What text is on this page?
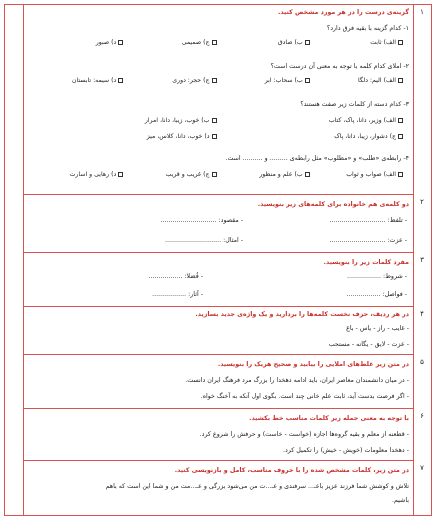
۱
گزینه‌ی درست را در هر مورد مشخص کنید.
۱- کدام گزینه با بقیه فرق دارد؟
الف) ثابت
ب) صادق
ج) صمیمی
د) صبور
۲- املای کدام کلمه با توجه به معنی آن درست است؟
الف) الیم: دلگا
ب) سحاب: ابر
ج) حجر: دوری
د) سیمه: تابستان
۳- کدام دسته از کلمات زیر صفت هستند؟
الف) وزیر، دانا، پاک، کتاب
ب) خوب، زیبا، دانا، امرار
ج) دشوار، زیبا، دانا، پاک
د) خوب، دانا، کلاس، میز
۴- رابطه‌ی «طلب» و «مطلوب» مثل رابطه‌ی ......... و .......... است.
الف) صواب و ثواب
ب) علم و منظور
ج) غریب و قریب
د) رهایی و اسارت
۲
دو کلمه‌ی هم خانواده برای کلمه‌های زیر بنویسید.
- تلفظ: ............................
- مقصود: ............................
- عزت: ............................
- امثال: ............................
۳
مفرد کلمات زیر را بنویسید.
- شروط: .................
- فُضلا: .................
- فواصل: .................
- آثار: .................
۴
در هر ردیف، حرف نخست کلمه‌ها را بردارید و یک واژه‌ی جدید بسازید.
- غایب - راز - یاس - باغ
- عزت - لایق - یگانه - مستحب
۵
در متن زیر غلط‌های املایی را بیابید و صحیح هریک را بنویسید.
- در میان دانشمندان معاصر ایران، باید ادامه دهخدا را بزرگ مرد فرهنگ ایران دانست.
- اگر فرصت بدست آید، ثابت علم خانی چند است. بگوی اول آنکه به آخنگ خواه.
۶
با توجه به معنی جمله زیر کلمات مناسب خط بکشید.
- قطعنه از معلم و بقیه گروه‌ها اجازه (خواست - خاست) و حرفش را شروع کرد.
- دهخدا معلومات (خویش - خیش) را تکمیل کرد.
۷
در متن زیر، کلمات مشخص شده را با حروف مناسب، کامل و بازنویسی کنید.
تلاش و کوشش شما فرزند عزیز باعـ... سرفندی و عـ...ت من می‌شود بزرگی و عـ...مت من و شما این است که باهم
باشیم.
